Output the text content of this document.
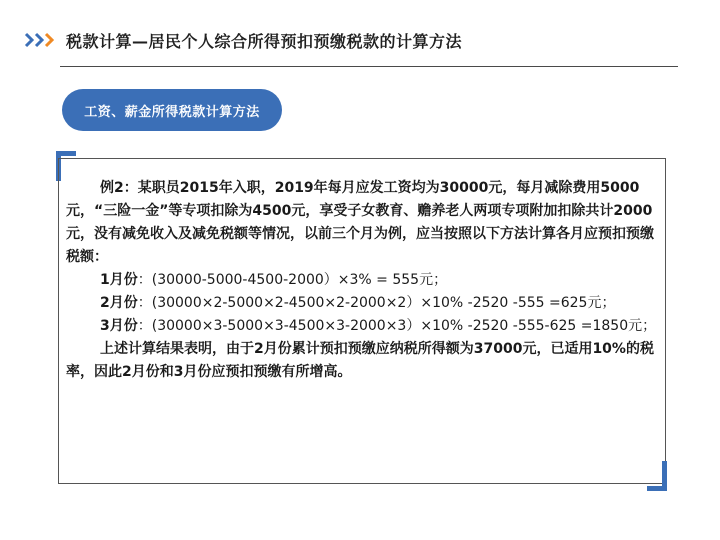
税款计算—居民个人综合所得预扣预缴税款的计算方法
工资、薪金所得税款计算方法

例2：某职员2015年入职，2019年每月应发工资均为30000元，每月减除费用5000元，“三险一金”等专项扣除为4500元，享受子女教育、赡养老人两项专项附加扣除共计2000元，没有减免收入及减免税额等情况，以前三个月为例，应当按照以下方法计算各月应预扣预缴税额：

1月份：(30000-5000-4500-2000）×3% = 555元；

2月份：(30000×2-5000×2-4500×2-2000×2）×10% -2520 -555 =625元；

3月份：(30000×3-5000×3-4500×3-2000×3）×10% -2520 -555-625 =1850元；

上述计算结果表明，由于2月份累计预扣预缴应纳税所得额为37000元，已适用10%的税率，因此2月份和3月份应预扣预缴有所增高。
